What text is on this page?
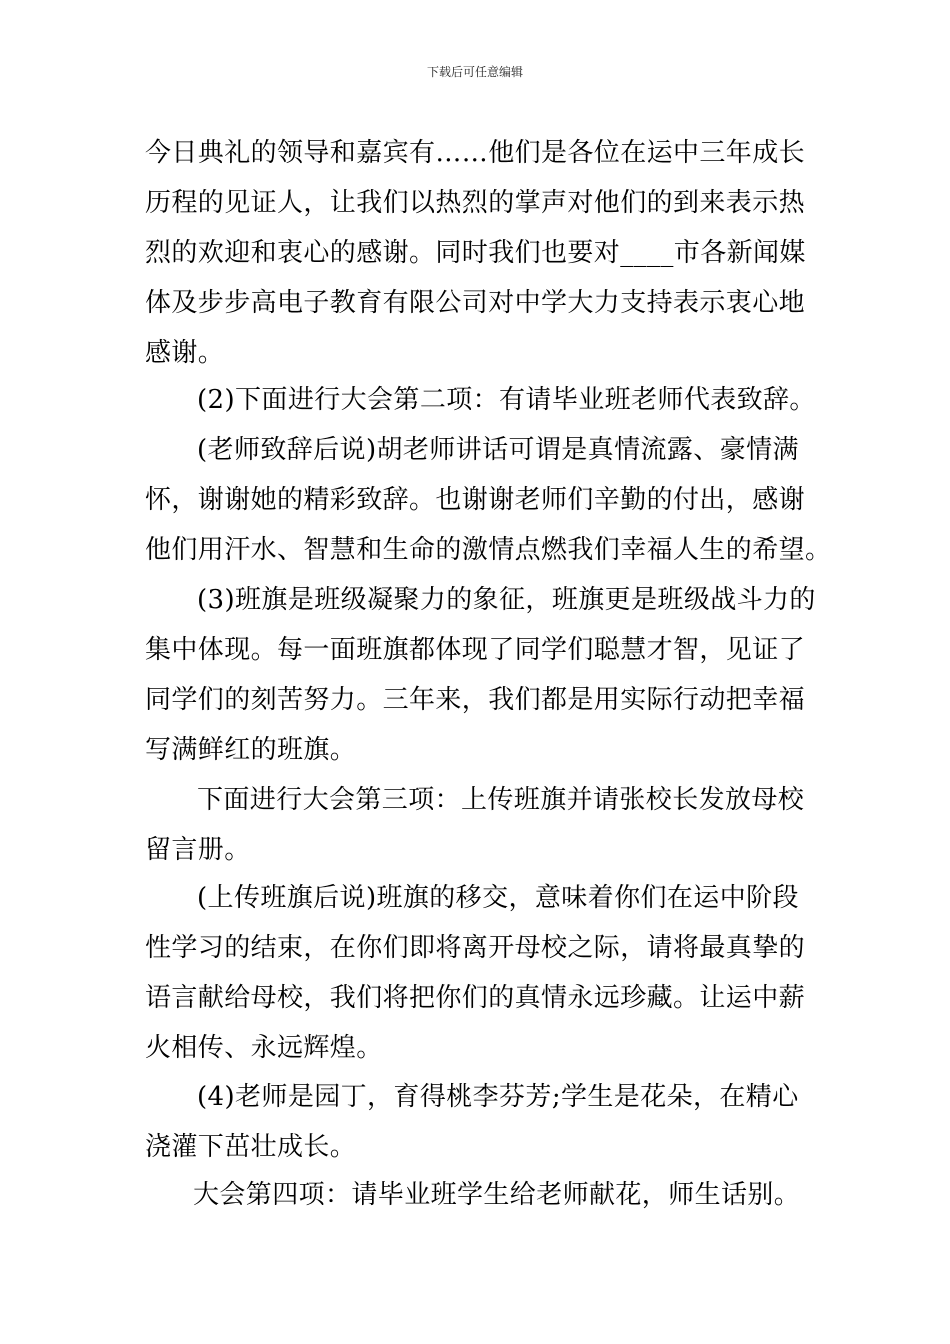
下载后可任意编辑
今日典礼的领导和嘉宾有……他们是各位在运中三年成长
历程的见证人，让我们以热烈的掌声对他们的到来表示热
烈的欢迎和衷心的感谢。同时我们也要对____市各新闻媒
体及步步高电子教育有限公司对中学大力支持表示衷心地
感谢。
(2)下面进行大会第二项：有请毕业班老师代表致辞。
(老师致辞后说)胡老师讲话可谓是真情流露、豪情满
怀，谢谢她的精彩致辞。也谢谢老师们辛勤的付出，感谢
他们用汗水、智慧和生命的激情点燃我们幸福人生的希望。
(3)班旗是班级凝聚力的象征，班旗更是班级战斗力的
集中体现。每一面班旗都体现了同学们聪慧才智，见证了
同学们的刻苦努力。三年来，我们都是用实际行动把幸福
写满鲜红的班旗。
下面进行大会第三项：上传班旗并请张校长发放母校
留言册。
(上传班旗后说)班旗的移交，意味着你们在运中阶段
性学习的结束，在你们即将离开母校之际，请将最真挚的
语言献给母校，我们将把你们的真情永远珍藏。让运中薪
火相传、永远辉煌。
(4)老师是园丁，育得桃李芬芳;学生是花朵，在精心
浇灌下茁壮成长。
大会第四项：请毕业班学生给老师献花，师生话别。
